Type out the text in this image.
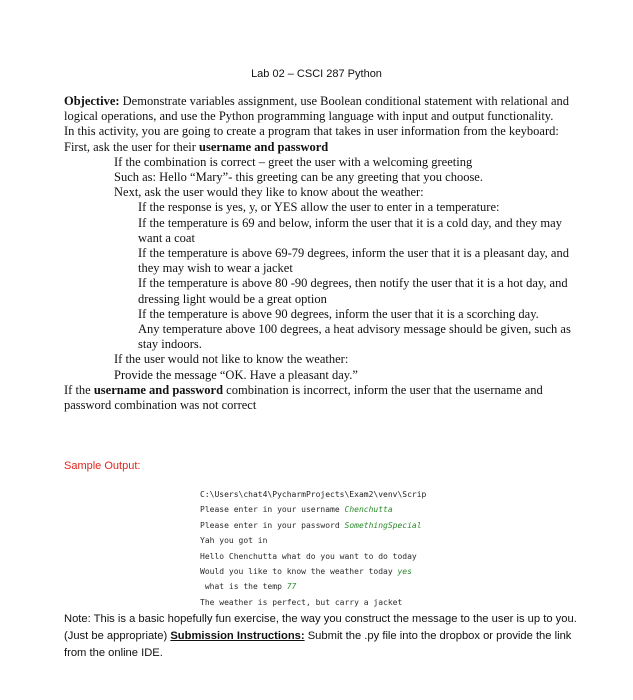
Lab 02 – CSCI 287 Python

Objective: Demonstrate variables assignment, use Boolean conditional statement with relational and logical operations, and use the Python programming language with input and output functionality.

In this activity, you are going to create a program that takes in user information from the keyboard:

First, ask the user for their username and password

If the combination is correct – greet the user with a welcoming greeting

Such as: Hello “Mary”- this greeting can be any greeting that you choose.

Next, ask the user would they like to know about the weather:

If the response is yes, y, or YES allow the user to enter in a temperature:

If the temperature is 69 and below, inform the user that it is a cold day, and they may want a coat

If the temperature is above 69-79 degrees, inform the user that it is a pleasant day, and they may wish to wear a jacket

If the temperature is above 80 -90 degrees, then notify the user that it is a hot day, and dressing light would be a great option

If the temperature is above 90 degrees, inform the user that it is a scorching day.

Any temperature above 100 degrees, a heat advisory message should be given, such as stay indoors.

If the user would not like to know the weather:

Provide the message “OK. Have a pleasant day.”

If the username and password combination is incorrect, inform the user that the username and password combination was not correct

Sample Output:
C:\Users\chat4\PycharmProjects\Exam2\venv\Scrip
Please enter in your username Chenchutta
Please enter in your password SomethingSpecial
Yah you got in
Hello Chenchutta what do you want to do today
Would you like to know the weather today yes
what is the temp 77
The weather is perfect, but carry a jacket
Note: This is a basic hopefully fun exercise, the way you construct the message to the user is up to you. (Just be appropriate) Submission Instructions: Submit the .py file into the dropbox or provide the link from the online IDE.
